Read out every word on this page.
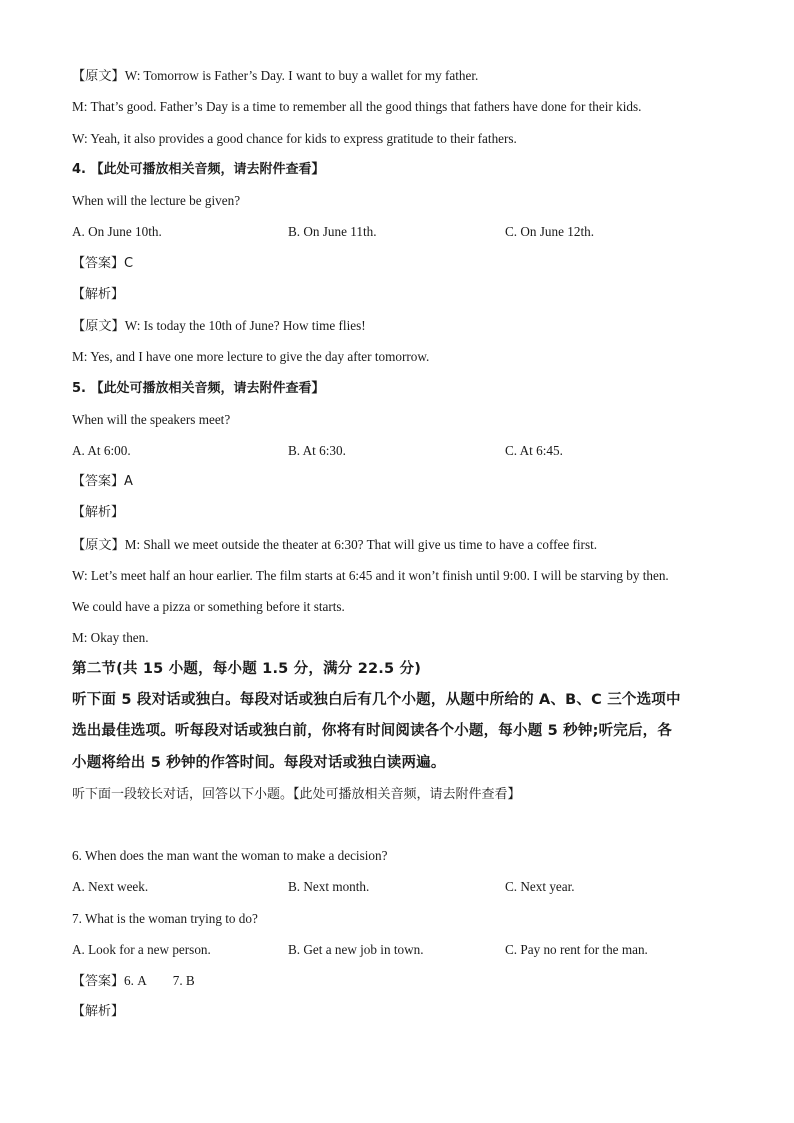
【原文】W: Tomorrow is Father’s Day. I want to buy a wallet for my father.
M: That’s good. Father’s Day is a time to remember all the good things that fathers have done for their kids.
W: Yeah, it also provides a good chance for kids to express gratitude to their fathers.
4. 【此处可播放相关音频，请去附件查看】
When will the lecture be given?
A. On June 10th.	B. On June 11th.	C. On June 12th.
【答案】C
【解析】
【原文】W: Is today the 10th of June? How time flies!
M: Yes, and I have one more lecture to give the day after tomorrow.
5. 【此处可播放相关音频，请去附件查看】
When will the speakers meet?
A. At 6:00.	B. At 6:30.	C. At 6:45.
【答案】A
【解析】
【原文】M: Shall we meet outside the theater at 6:30? That will give us time to have a coffee first.
W: Let’s meet half an hour earlier. The film starts at 6:45 and it won’t finish until 9:00. I will be starving by then.
We could have a pizza or something before it starts.
M: Okay then.
第二节(共 15 小题，每小题 1.5 分，满分 22.5 分)
听下面 5 段对话或独白。每段对话或独白后有几个小题，从题中所给的 A、B、C 三个选项中
选出最佳选项。听每段对话或独白前，你将有时间阅读各个小题，每小题 5 秒钟;听完后，各
小题将给出 5 秒钟的作答时间。每段对话或独白读两遍。
听下面一段较长对话，回答以下小题。【此处可播放相关音频，请去附件查看】
6. When does the man want the woman to make a decision?
A. Next week.	B. Next month.	C. Next year.
7. What is the woman trying to do?
A. Look for a new person.	B. Get a new job in town.	C. Pay no rent for the man.
【答案】6. A 7. B
【解析】
